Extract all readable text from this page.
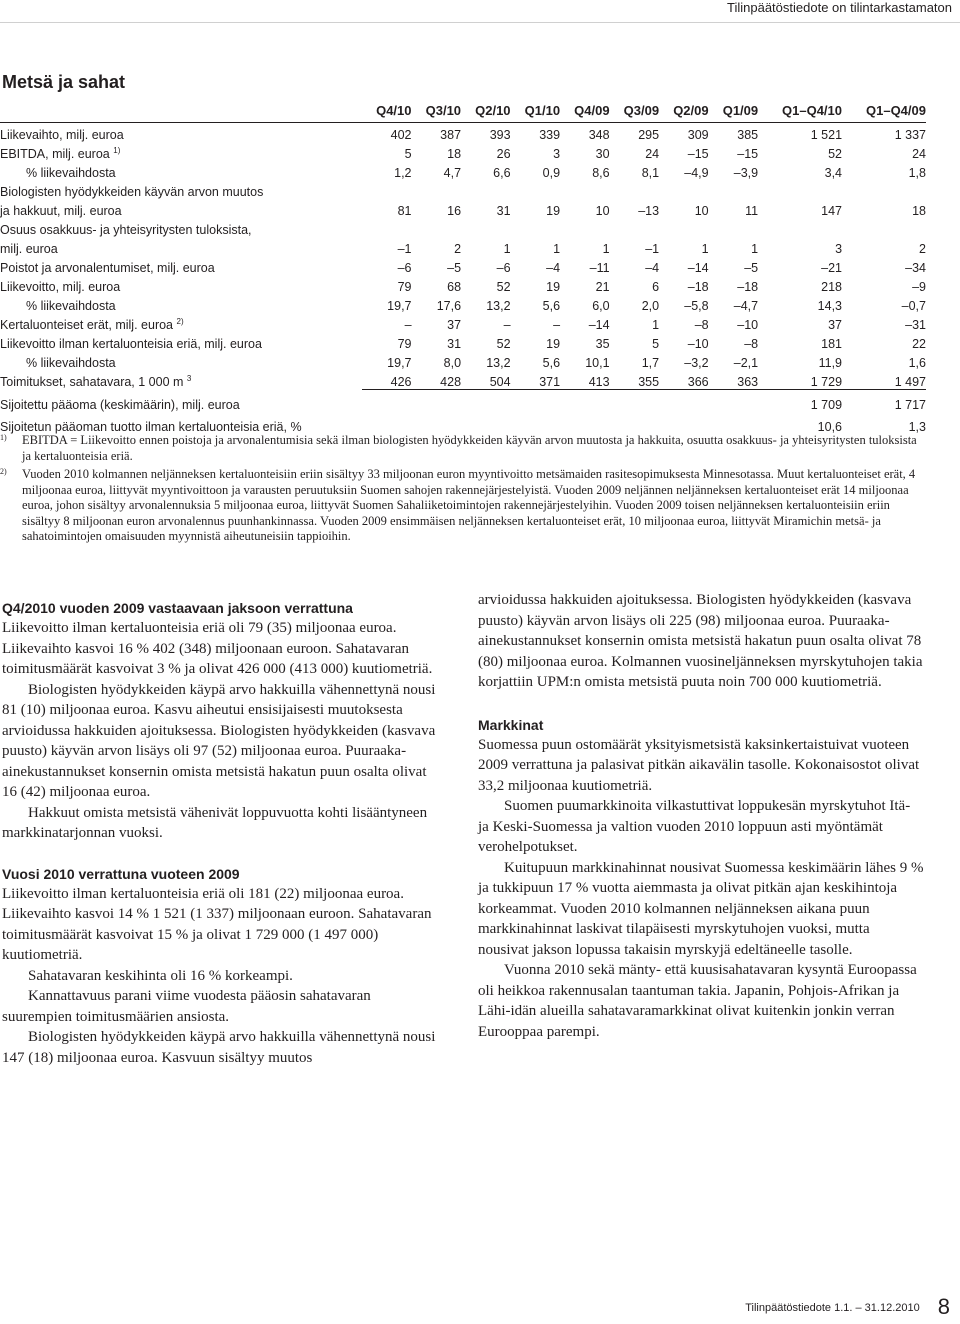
Tilinpäätöstiedote on tilintarkastamaton
Metsä ja sahat
	Q4/10	Q3/10	Q2/10	Q1/10	Q4/09	Q3/09	Q2/09	Q1/09	Q1–Q4/10	Q1–Q4/09
Liikevaihto, milj. euroa	402	387	393	339	348	295	309	385	1 521	1 337
EBITDA, milj. euroa $^{1)}$	5	18	26	3	30	24	–15	–15	52	24
% liikevaihdosta	1,2	4,7	6,6	0,9	8,6	8,1	–4,9	–3,9	3,4	1,8
Biologisten hyödykkeiden käyvän arvon muutos										
ja hakkuut, milj. euroa	81	16	31	19	10	–13	10	11	147	18
Osuus osakkuus- ja yhteisyritysten tuloksista,										
milj. euroa	–1	2	1	1	1	–1	1	1	3	2
Poistot ja arvonalentumiset, milj. euroa	–6	–5	–6	–4	–11	–4	–14	–5	–21	–34
Liikevoitto, milj. euroa	79	68	52	19	21	6	–18	–18	218	–9
% liikevaihdosta	19,7	17,6	13,2	5,6	6,0	2,0	–5,8	–4,7	14,3	–0,7
Kertaluonteiset erät, milj. euroa $^{2)}$	–	37	–	–	–14	1	–8	–10	37	–31
Liikevoitto ilman kertaluonteisia eriä, milj. euroa	79	31	52	19	35	5	–10	–8	181	22
% liikevaihdosta	19,7	8,0	13,2	5,6	10,1	1,7	–3,2	–2,1	11,9	1,6
Toimitukset, sahatavara, 1 000 m $^3$	426	428	504	371	413	355	366	363	1 729	1 497
Sijoitettu pääoma (keskimäärin), milj. euroa									1 709	1 717
Sijoitetun pääoman tuotto ilman kertaluonteisia eriä, %									10,6	1,3
1) EBITDA = Liikevoitto ennen poistoja ja arvonalentumisia sekä ilman biologisten hyödykkeiden käyvän arvon muutosta ja hakkuita, osuutta osakkuus- ja yhteisyritysten tuloksista ja kertaluonteisia eriä.
2) Vuoden 2010 kolmannen neljänneksen kertaluonteisiin eriin sisältyy 33 miljoonan euron myyntivoitto metsämaiden rasitesopimuksesta Minnesotassa. Muut kertaluonteiset erät, 4 miljoonaa euroa, liittyvät myyntivoittoon ja varausten peruutuksiin Suomen sahojen rakennejärjestelyistä. Vuoden 2009 neljännen neljänneksen kertaluonteiset erät 14 miljoonaa euroa, johon sisältyy arvonalennuksia 5 miljoonaa euroa, liittyvät Suomen Sahaliiketoimintojen rakennejärjestelyihin. Vuoden 2009 toisen neljänneksen kertaluonteisiin eriin sisältyy 8 miljoonan euron arvonalennus puunhankinnassa. Vuoden 2009 ensimmäisen neljänneksen kertaluonteiset erät, 10 miljoonaa euroa, liittyvät Miramichin metsä- ja sahatoimintojen omaisuuden myynnistä aiheutuneisiin tappioihin.
Q4/2010 vuoden 2009 vastaavaan jaksoon verrattuna

Liikevoitto ilman kertaluonteisia eriä oli 79 (35) miljoonaa euroa. Liikevaihto kasvoi 16 % 402 (348) miljoonaan euroon. Sahatavaran toimitusmäärät kasvoivat 3 % ja olivat 426 000 (413 000) kuutiometriä.

Biologisten hyödykkeiden käypä arvo hakkuilla vähennettynä nousi 81 (10) miljoonaa euroa. Kasvu aiheutui ensisijaisesti muutoksesta arvioidussa hakkuiden ajoituksessa. Biologisten hyödykkeiden (kasvava puusto) käyvän arvon lisäys oli 97 (52) miljoonaa euroa. Puuraaka-ainekustannukset konsernin omista metsistä hakatun puun osalta olivat 16 (42) miljoonaa euroa.

Hakkuut omista metsistä vähenivät loppuvuotta kohti lisääntyneen markkinatarjonnan vuoksi.

Vuosi 2010 verrattuna vuoteen 2009

Liikevoitto ilman kertaluonteisia eriä oli 181 (22) miljoonaa euroa. Liikevaihto kasvoi 14 % 1 521 (1 337) miljoonaan euroon. Sahatavaran toimitusmäärät kasvoivat 15 % ja olivat 1 729 000 (1 497 000) kuutiometriä.

Sahatavaran keskihinta oli 16 % korkeampi.

Kannattavuus parani viime vuodesta pääosin sahatavaran suurempien toimitusmäärien ansiosta.

Biologisten hyödykkeiden käypä arvo hakkuilla vähennettynä nousi 147 (18) miljoonaa euroa. Kasvuun sisältyy muutos

arvioidussa hakkuiden ajoituksessa. Biologisten hyödykkeiden (kasvava puusto) käyvän arvon lisäys oli 225 (98) miljoonaa euroa. Puuraaka-ainekustannukset konsernin omista metsistä hakatun puun osalta olivat 78 (80) miljoonaa euroa. Kolmannen vuosineljänneksen myrskytuhojen takia korjattiin UPM:n omista metsistä puuta noin 700 000 kuutiometriä.

Markkinat

Suomessa puun ostomäärät yksityismetsistä kaksinkertaistuivat vuoteen 2009 verrattuna ja palasivat pitkän aikavälin tasolle. Kokonaisostot olivat 33,2 miljoonaa kuutiometriä.

Suomen puumarkkinoita vilkastuttivat loppukesän myrskytuhot Itä- ja Keski-Suomessa ja valtion vuoden 2010 loppuun asti myöntämät verohelpotukset.

Kuitupuun markkinahinnat nousivat Suomessa keskimäärin lähes 9 % ja tukkipuun 17 % vuotta aiemmasta ja olivat pitkän ajan keskihintoja korkeammat. Vuoden 2010 kolmannen neljänneksen aikana puun markkinahinnat laskivat tilapäisesti myrskytuhojen vuoksi, mutta nousivat jakson lopussa takaisin myrskyjä edeltäneelle tasolle.

Vuonna 2010 sekä mänty- että kuusisahatavaran kysyntä Euroopassa oli heikkoa rakennusalan taantuman takia. Japanin, Pohjois-Afrikan ja Lähi-idän alueilla sahatavaramarkkinat olivat kuitenkin jonkin verran Eurooppaa parempi.

Tilinpäätöstiedote 1.1. – 31.12.2010 8
